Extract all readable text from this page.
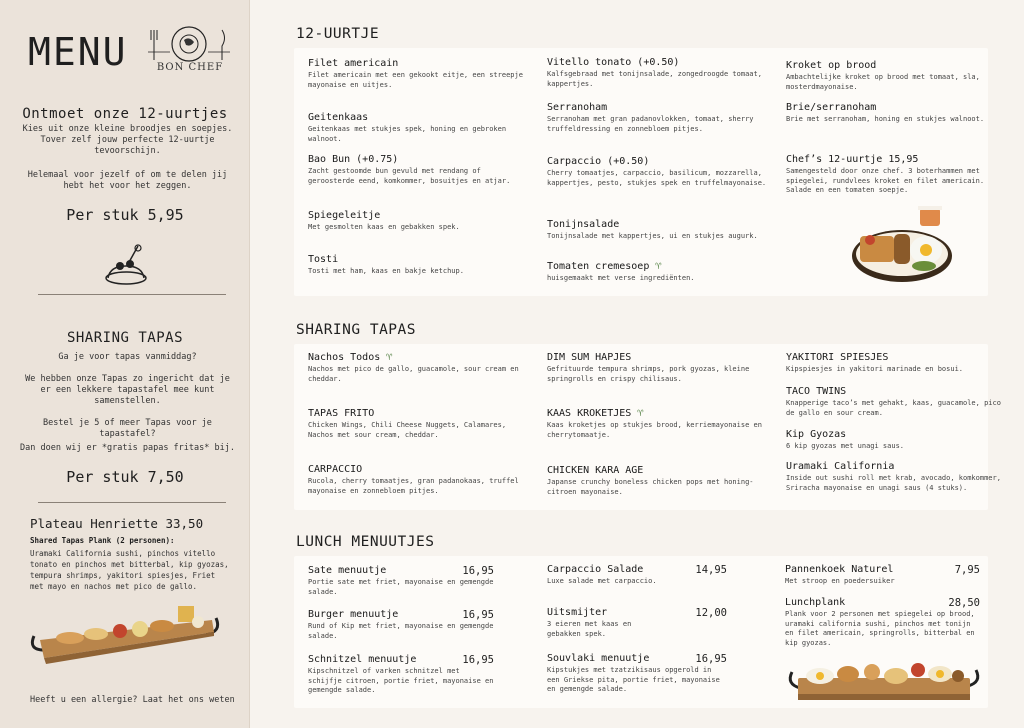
MENU	BON CHEF
Ontmoet onze 12-uurtjes
Kies uit onze kleine broodjes en soepjes. Tover zelf jouw perfecte 12-uurtje tevoorschijn.
Helemaal voor jezelf of om te delen jij hebt het voor het zeggen.
Per stuk 5,95
SHARING TAPAS
Ga je voor tapas vanmiddag?
We hebben onze Tapas zo ingericht dat je er een lekkere tapastafel mee kunt samenstellen.
Bestel je 5 of meer Tapas voor je tapastafel?
Dan doen wij er *gratis papas fritas* bij.
Per stuk 7,50
Plateau Henriette 33,50
Shared Tapas Plank (2 personen):
Uramaki California sushi, pinchos vitello tonato en pinchos met bitterbal, kip gyozas, tempura shrimps, yakitori spiesjes, Friet met mayo en nachos met pico de gallo.
Heeft u een allergie? Laat het ons weten
12-UURTJE
Filet americain
Filet americain met een gekookt eitje, een streepje mayonaise en uitjes.
Geitenkaas
Geitenkaas met stukjes spek, honing en gebroken walnoot.
Bao Bun (+0.75)
Zacht gestoomde bun gevuld met rendang of geroosterde eend, komkommer, bosuitjes en atjar.
Spiegeleitje
Met gesmolten kaas en gebakken spek.
Tosti
Tosti met ham, kaas en bakje ketchup.
Vitello tonato (+0.50)
Kalfsgebraad met tonijnsalade, zongedroogde tomaat, kappertjes.
Serranoham
Serranoham met gran padanovlokken, tomaat, sherry truffeldressing en zonnebloem pitjes.
Carpaccio (+0.50)
Cherry tomaatjes, carpaccio, basilicum, mozzarella, kappertjes, pesto, stukjes spek en truffelmayonaise.
Tonijnsalade
Tonijnsalade met kappertjes, ui en stukjes augurk.
Tomaten cremesoep ♈
huisgemaakt met verse ingrediënten.
Kroket op brood
Ambachtelijke kroket op brood met tomaat, sla, mosterdmayonaise.
Brie/serranoham
Brie met serranoham, honing en stukjes walnoot.
Chef’s 12-uurtje 15,95
Samengesteld door onze chef. 3 boterhammen met spiegelei, rundvlees kroket en filet americain. Salade en een tomaten soepje.
SHARING TAPAS
Nachos Todos ♈
Nachos met pico de gallo, guacamole, sour cream en cheddar.
TAPAS FRITO
Chicken Wings, Chili Cheese Nuggets, Calamares, Nachos met sour cream, cheddar.
CARPACCIO
Rucola, cherry tomaatjes, gran padanokaas, truffel mayonaise en zonnebloem pitjes.
DIM SUM HAPJES
Gefrituurde tempura shrimps, pork gyozas, kleine springrolls en crispy chilisaus.
KAAS KROKETJES ♈
Kaas kroketjes op stukjes brood, kerriemayonaise en cherrytomaatje.
CHICKEN KARA AGE
Japanse crunchy boneless chicken pops met honing-citroen mayonaise.
YAKITORI SPIESJES
Kipspiesjes in yakitori marinade en bosui.
TACO TWINS
Knapperige taco’s met gehakt, kaas, guacamole, pico de gallo en sour cream.
Kip Gyozas
6 kip gyozas met unagi saus.
Uramaki California
Inside out sushi roll met krab, avocado, komkommer, Sriracha mayonaise en unagi saus (4 stuks).
LUNCH MENUUTJES
Sate menuutje	16,95
Portie sate met friet, mayonaise en gemengde salade.
Burger menuutje	16,95
Rund of Kip met friet, mayonaise en gemengde salade.
Schnitzel menuutje	16,95
Kipschnitzel of varken schnitzel met schijfje citroen, portie friet, mayonaise en gemengde salade.
Carpaccio Salade	14,95
Luxe salade met carpaccio.
Uitsmijter	12,00
3 eieren met kaas en gebakken spek.
Souvlaki menuutje	16,95
Kipstukjes met tzatzikisaus opgerold in een Griekse pita, portie friet, mayonaise en gemengde salade.
Pannenkoek Naturel	7,95
Met stroop en poedersuiker
Lunchplank	28,50
Plank voor 2 personen met spiegelei op brood, uramaki california sushi, pinchos met tonijn en filet americain, springrolls, bitterbal en kip gyozas.
